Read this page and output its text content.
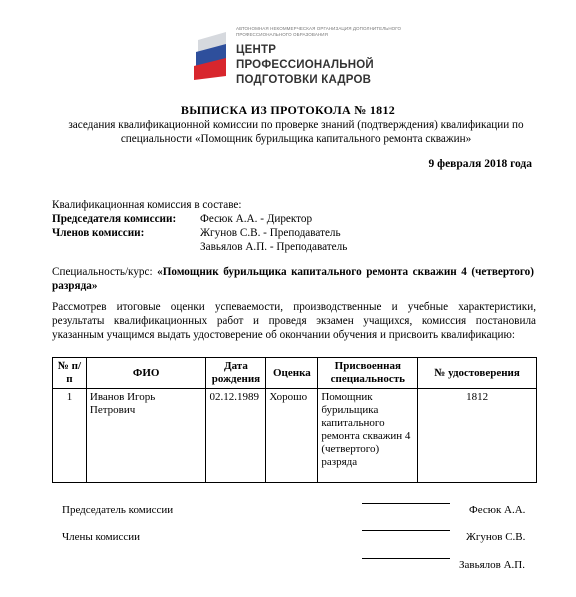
АВТОНОМНАЯ НЕКОММЕРЧЕСКАЯ ОРГАНИЗАЦИЯ ДОПОЛНИТЕЛЬНОГО ПРОФЕССИОНАЛЬНОГО ОБРАЗОВАНИЯ
ЦЕНТР ПРОФЕССИОНАЛЬНОЙ
ПОДГОТОВКИ КАДРОВ
ВЫПИСКА ИЗ ПРОТОКОЛА № 1812
заседания квалификационной комиссии по проверке знаний (подтверждения) квалификации по
специальности «Помощник бурильщика капитального ремонта скважин»
9 февраля 2018 года
Квалификационная комиссия в составе:
Председателя комиссии:	Фесюк А.А. - Директор
Членов комиссии:	Жгунов С.В. - Преподаватель
Завьялов А.П. - Преподаватель
Специальность/курс: «Помощник бурильщика капитального ремонта скважин 4 (четвертого) разряда»
Рассмотрев итоговые оценки успеваемости, производственные и учебные характеристики, результаты квалификационных работ и проведя экзамен учащихся, комиссия постановила указанным учащимся выдать удостоверение об окончании обучения и присвоить квалификацию:
№ п/п	ФИО	Дата рождения	Оценка	Присвоенная специальность	№ удостоверения
1	Иванов Игорь Петрович	02.12.1989	Хорошо	Помощник бурильщика капитального ремонта скважин 4 (четвертого) разряда	1812
Председатель комиссии	Фесюк А.А.
Члены комиссии	Жгунов С.В.
Завьялов А.П.
